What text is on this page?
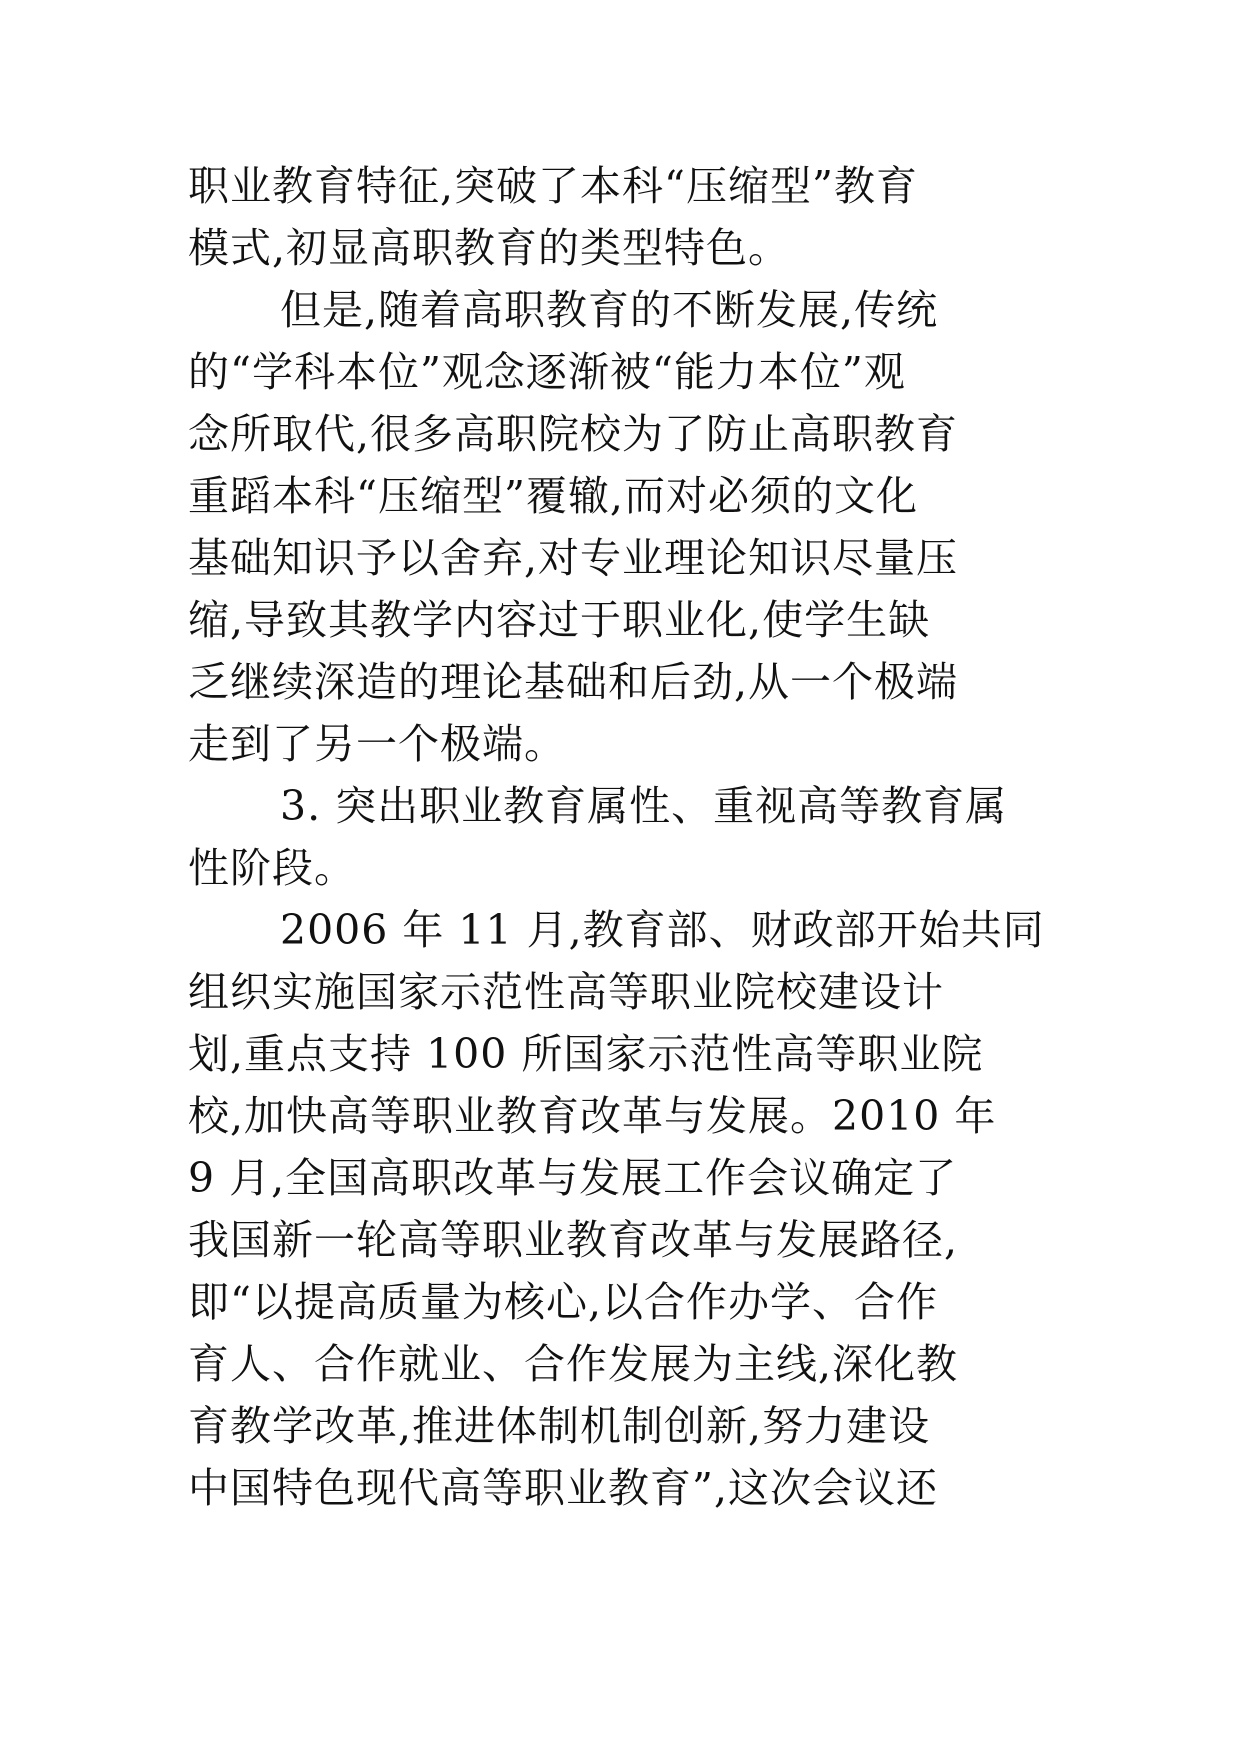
职业教育特征,突破了本科“压缩型”教育
模式,初显高职教育的类型特色。
但是,随着高职教育的不断发展,传统
的“学科本位”观念逐渐被“能力本位”观
念所取代,很多高职院校为了防止高职教育
重蹈本科“压缩型”覆辙,而对必须的文化
基础知识予以舍弃,对专业理论知识尽量压
缩,导致其教学内容过于职业化,使学生缺
乏继续深造的理论基础和后劲,从一个极端
走到了另一个极端。
3. 突出职业教育属性、重视高等教育属
性阶段。
2006 年 11 月,教育部、财政部开始共同
组织实施国家示范性高等职业院校建设计
划,重点支持 100 所国家示范性高等职业院
校,加快高等职业教育改革与发展。2010 年
9 月,全国高职改革与发展工作会议确定了
我国新一轮高等职业教育改革与发展路径,
即“以提高质量为核心,以合作办学、合作
育人、合作就业、合作发展为主线,深化教
育教学改革,推进体制机制创新,努力建设
中国特色现代高等职业教育”,这次会议还
